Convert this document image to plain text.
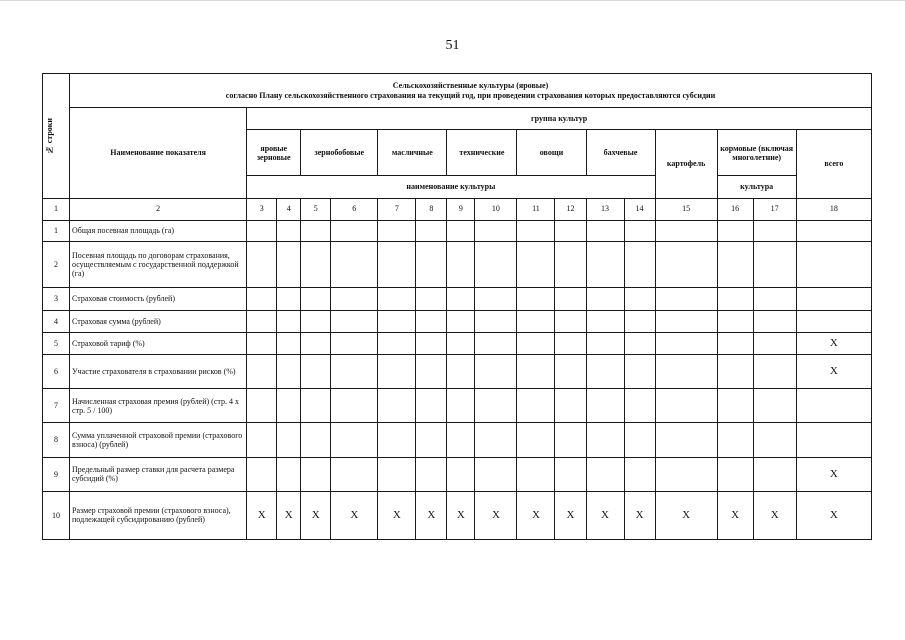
51
№ строки	Сельскохозяйственные культуры (яровые)
согласно Плану сельскохозяйственного страхования на текущий год, при проведении страхования которых предоставляются субсидии																

	Наименование показателя	группа культур															
		яровые зерновые		зернобобовые		масличные		технические		овощи		бахчевые		картофель	кормовые (включая многолетние)		всего
		наименование культуры													культура		
1	2	3	4	5	6	7	8	9	10	11	12	13	14	15	16	17	18
1	Общая посевная площадь (га)																
2	Посевная площадь по договорам страхования, осуществляемым с государственной поддержкой (га)																
3	Страховая стоимость (рублей)																
4	Страховая сумма (рублей)																
5	Страховой тариф (%)																X
6	Участие страхователя в страховании рисков (%)																X
7	Начисленная страховая премия (рублей) (стр. 4 х стр. 5 / 100)																
8	Сумма уплаченной страховой премии (страхового взноса) (рублей)																
9	Предельный размер ставки для расчета размера субсидий (%)																X
10	Размер страховой премии (страхового взноса), подлежащей субсидированию (рублей)	X	X	X	X	X	X	X	X	X	X	X	X	X	X	X	X
